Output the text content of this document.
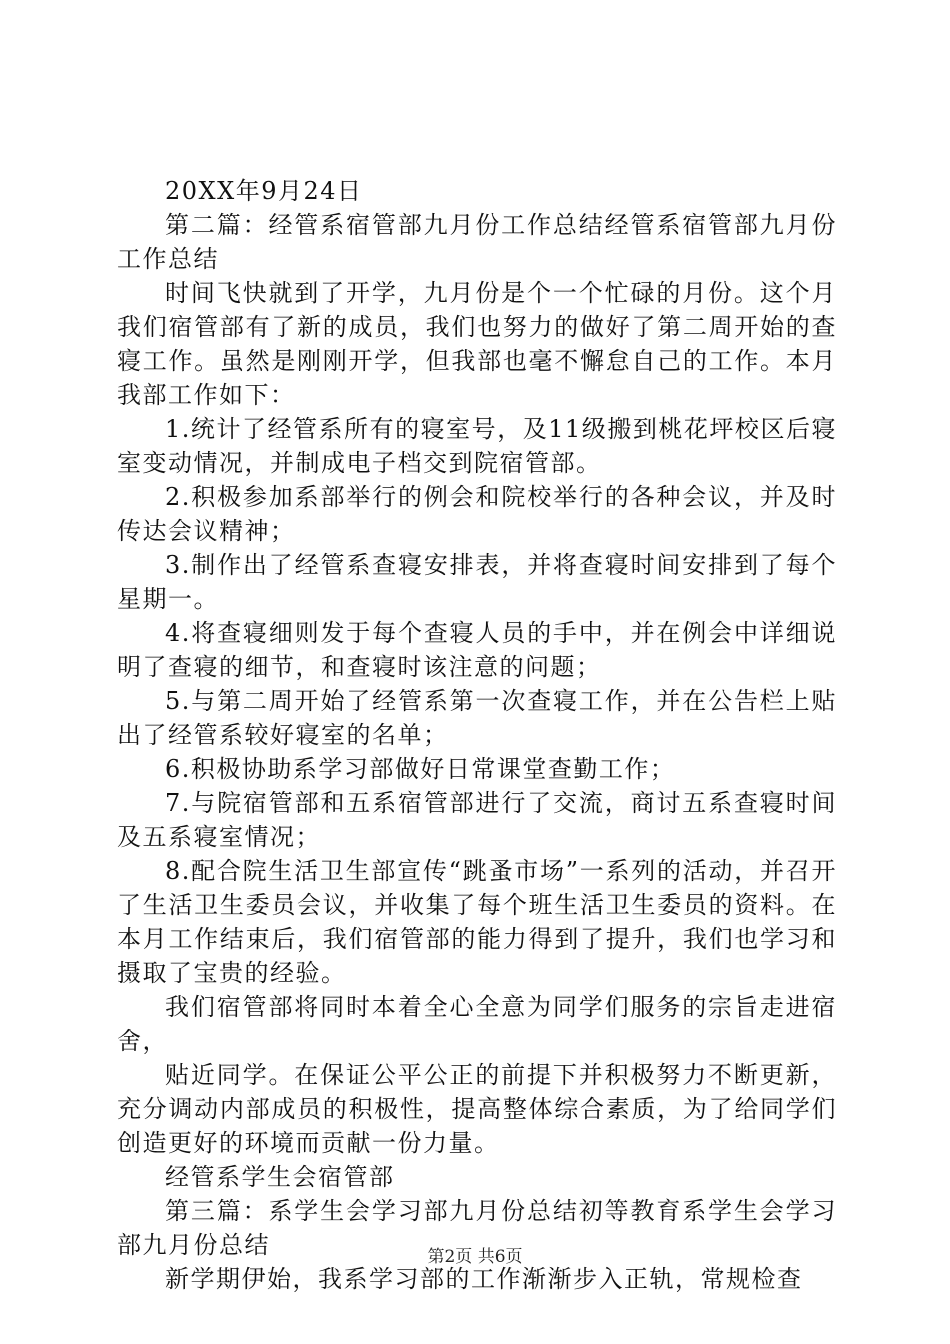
20XX年9月24日

第二篇：经管系宿管部九月份工作总结经管系宿管部九月份工作总结

时间飞快就到了开学，九月份是个一个忙碌的月份。这个月我们宿管部有了新的成员，我们也努力的做好了第二周开始的查寝工作。虽然是刚刚开学，但我部也毫不懈怠自己的工作。本月我部工作如下：

1.统计了经管系所有的寝室号，及11级搬到桃花坪校区后寝室变动情况，并制成电子档交到院宿管部。

2.积极参加系部举行的例会和院校举行的各种会议，并及时传达会议精神；

3.制作出了经管系查寝安排表，并将查寝时间安排到了每个星期一。

4.将查寝细则发于每个查寝人员的手中，并在例会中详细说明了查寝的细节，和查寝时该注意的问题；

5.与第二周开始了经管系第一次查寝工作，并在公告栏上贴出了经管系较好寝室的名单；

6.积极协助系学习部做好日常课堂查勤工作；

7.与院宿管部和五系宿管部进行了交流，商讨五系查寝时间及五系寝室情况；

8.配合院生活卫生部宣传“跳蚤市场”一系列的活动，并召开了生活卫生委员会议，并收集了每个班生活卫生委员的资料。在本月工作结束后，我们宿管部的能力得到了提升，我们也学习和摄取了宝贵的经验。

我们宿管部将同时本着全心全意为同学们服务的宗旨走进宿舍，

贴近同学。在保证公平公正的前提下并积极努力不断更新，充分调动内部成员的积极性，提高整体综合素质，为了给同学们创造更好的环境而贡献一份力量。

经管系学生会宿管部

第三篇：系学生会学习部九月份总结初等教育系学生会学习部九月份总结

新学期伊始，我系学习部的工作渐渐步入正轨，常规检查

第2页 共6页
